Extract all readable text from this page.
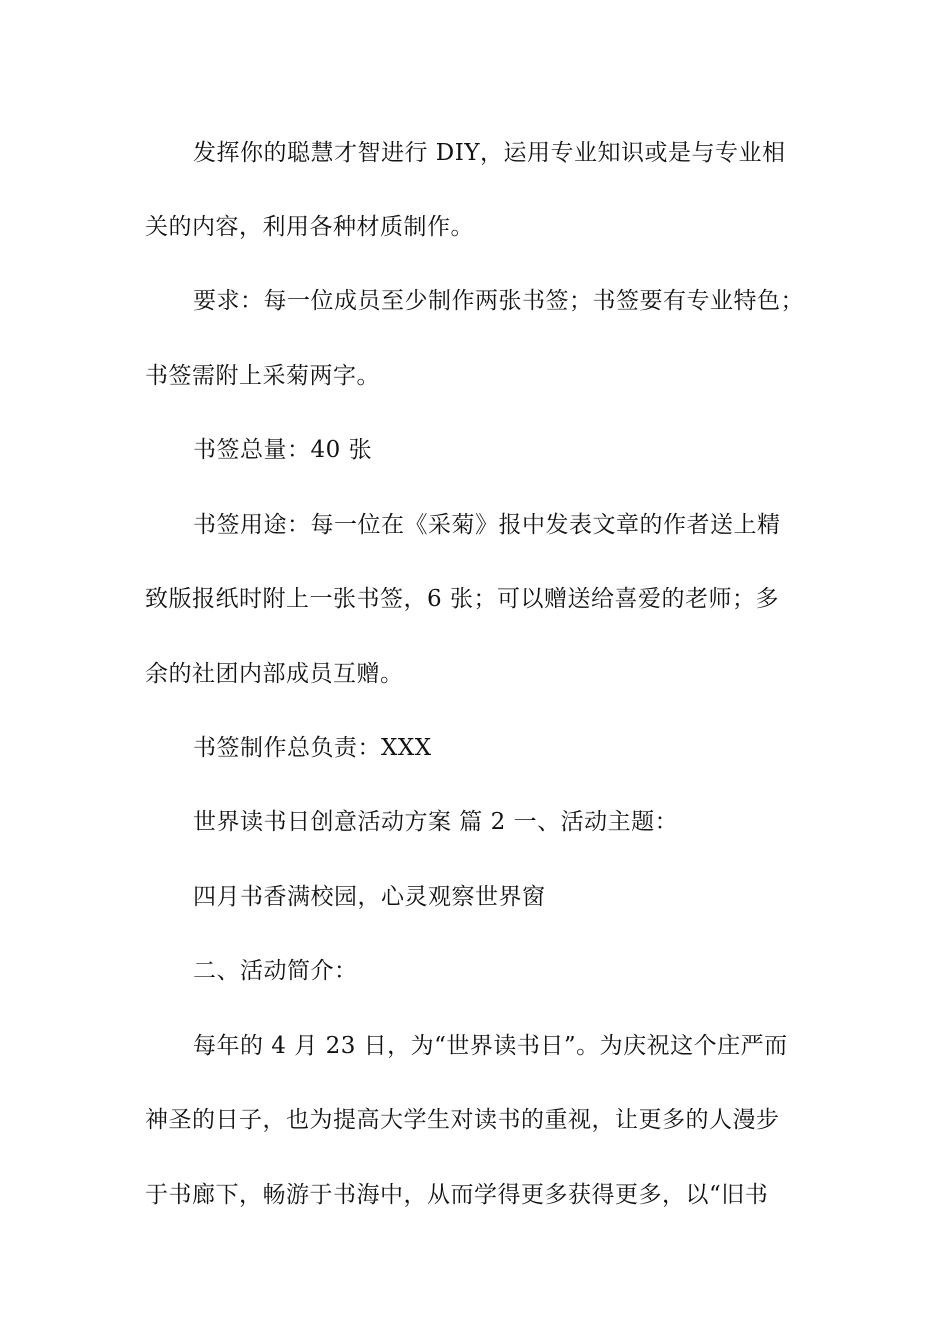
发挥你的聪慧才智进行 DIY，运用专业知识或是与专业相
关的内容，利用各种材质制作。
要求：每一位成员至少制作两张书签；书签要有专业特色；
书签需附上采菊两字。
书签总量：40 张
书签用途：每一位在《采菊》报中发表文章的作者送上精
致版报纸时附上一张书签，6 张；可以赠送给喜爱的老师；多
余的社团内部成员互赠。
书签制作总负责：XXX
世界读书日创意活动方案 篇 2 一、活动主题：
四月书香满校园，心灵观察世界窗
二、活动简介：
每年的 4 月 23 日，为“世界读书日”。为庆祝这个庄严而
神圣的日子，也为提高大学生对读书的重视，让更多的人漫步
于书廊下，畅游于书海中，从而学得更多获得更多，以“旧书
